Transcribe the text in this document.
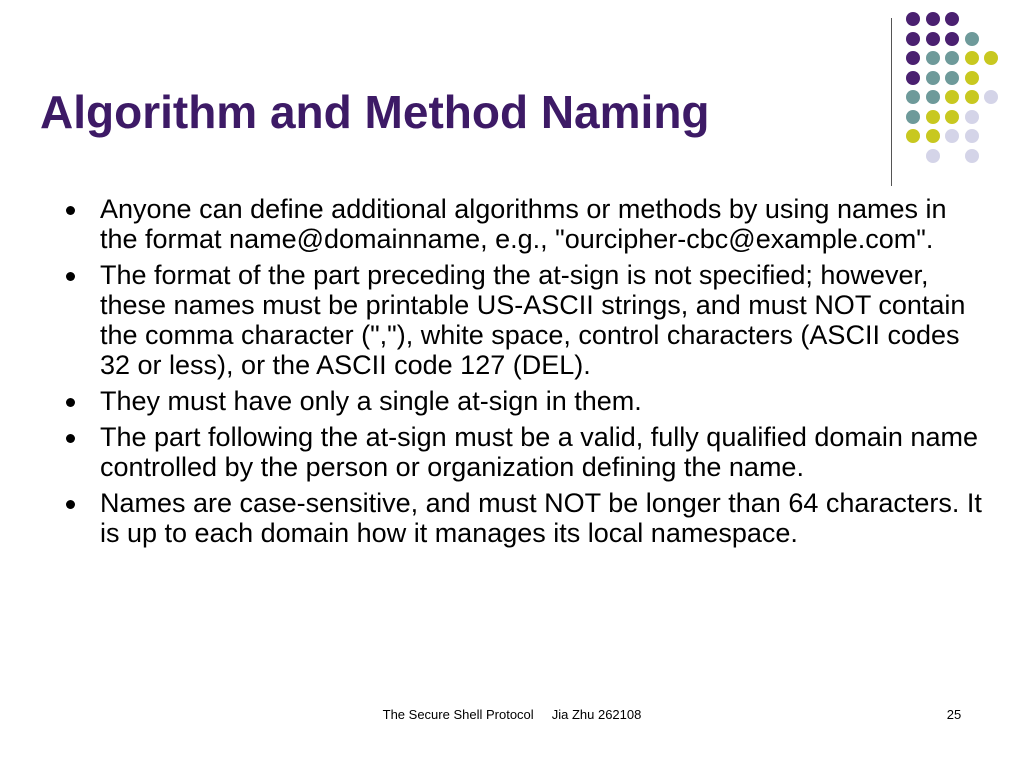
Algorithm and Method Naming
Anyone can define additional algorithms or methods by using names in the format name@domainname, e.g., "ourcipher-cbc@example.com".
The format of the part preceding the at-sign is not specified; however, these names must be printable US-ASCII strings, and must NOT contain the comma character (","), white space, control characters (ASCII codes 32 or less), or the ASCII code 127 (DEL).
They must have only a single at-sign in them.
The part following the at-sign must be a valid, fully qualified domain name controlled by the person or organization defining the name.
Names are case-sensitive, and must NOT be longer than 64 characters. It is up to each domain how it manages its local namespace.
The Secure Shell Protocol     Jia Zhu 262108	25
